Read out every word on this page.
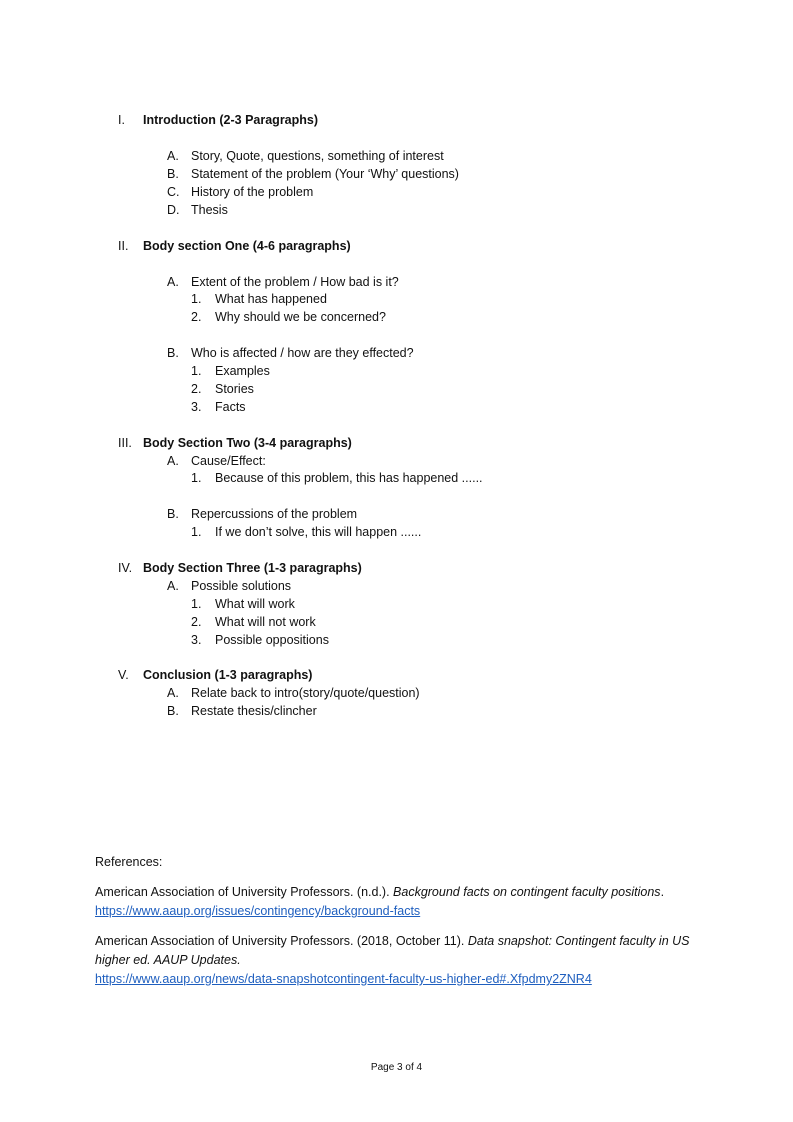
I. Introduction (2-3 Paragraphs)
A. Story, Quote, questions, something of interest
B. Statement of the problem (Your ‘Why’ questions)
C. History of the problem
D. Thesis
II. Body section One (4-6 paragraphs)
A. Extent of the problem / How bad is it?
1. What has happened
2. Why should we be concerned?
B. Who is affected / how are they effected?
1. Examples
2. Stories
3. Facts
III. Body Section Two (3-4 paragraphs)
A. Cause/Effect:
1. Because of this problem, this has happened ......
B. Repercussions of the problem
1. If we don’t solve, this will happen ......
IV. Body Section Three (1-3 paragraphs)
A. Possible solutions
1. What will work
2. What will not work
3. Possible oppositions
V. Conclusion (1-3 paragraphs)
A. Relate back to intro(story/quote/question)
B. Restate thesis/clincher

References:

American Association of University Professors. (n.d.). Background facts on contingent faculty positions. https://www.aaup.org/issues/contingency/background-facts

American Association of University Professors. (2018, October 11). Data snapshot: Contingent faculty in US higher ed. AAUP Updates.
https://www.aaup.org/news/data-snapshotcontingent-faculty-us-higher-ed#.Xfpdmy2ZNR4

Page 3 of 4
